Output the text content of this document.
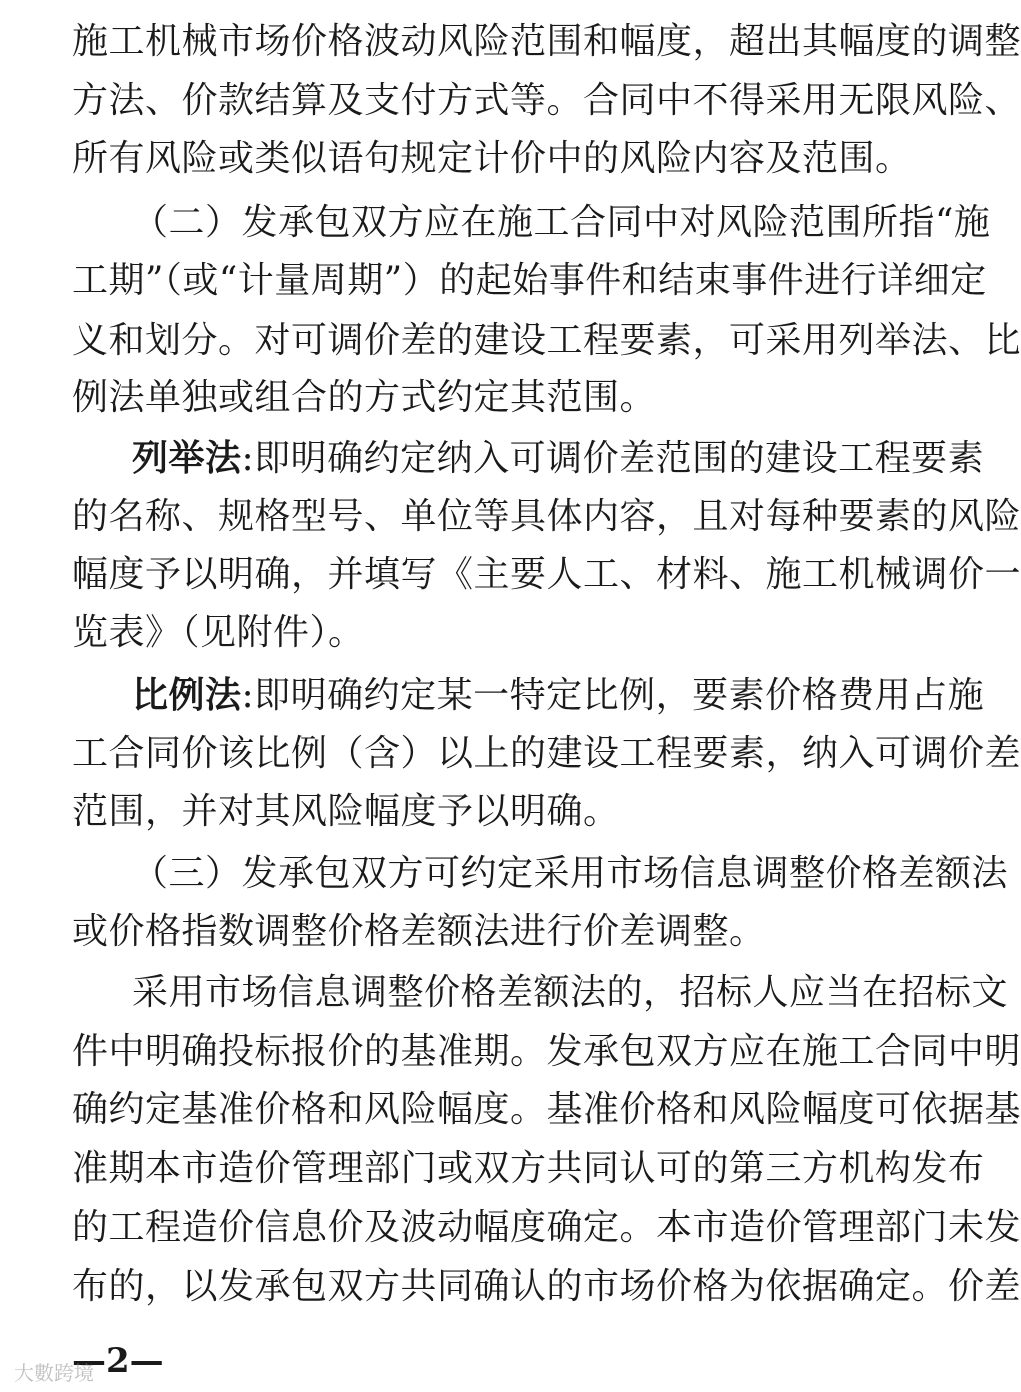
施工机械市场价格波动风险范围和幅度，超出其幅度的调整
方法、价款结算及支付方式等。合同中不得采用无限风险、
所有风险或类似语句规定计价中的风险内容及范围。
（二）发承包双方应在施工合同中对风险范围所指“施
工期”（或“计量周期”）的起始事件和结束事件进行详细定
义和划分。对可调价差的建设工程要素，可采用列举法、比
例法单独或组合的方式约定其范围。
列举法:即明确约定纳入可调价差范围的建设工程要素
的名称、规格型号、单位等具体内容，且对每种要素的风险
幅度予以明确，并填写《主要人工、材料、施工机械调价一
览表》（见附件）。
比例法:即明确约定某一特定比例，要素价格费用占施
工合同价该比例（含）以上的建设工程要素，纳入可调价差
范围，并对其风险幅度予以明确。
（三）发承包双方可约定采用市场信息调整价格差额法
或价格指数调整价格差额法进行价差调整。
采用市场信息调整价格差额法的，招标人应当在招标文
件中明确投标报价的基准期。发承包双方应在施工合同中明
确约定基准价格和风险幅度。基准价格和风险幅度可依据基
准期本市造价管理部门或双方共同认可的第三方机构发布
的工程造价信息价及波动幅度确定。本市造价管理部门未发
布的，以发承包双方共同确认的市场价格为依据确定。价差
—2—
大數跨境
